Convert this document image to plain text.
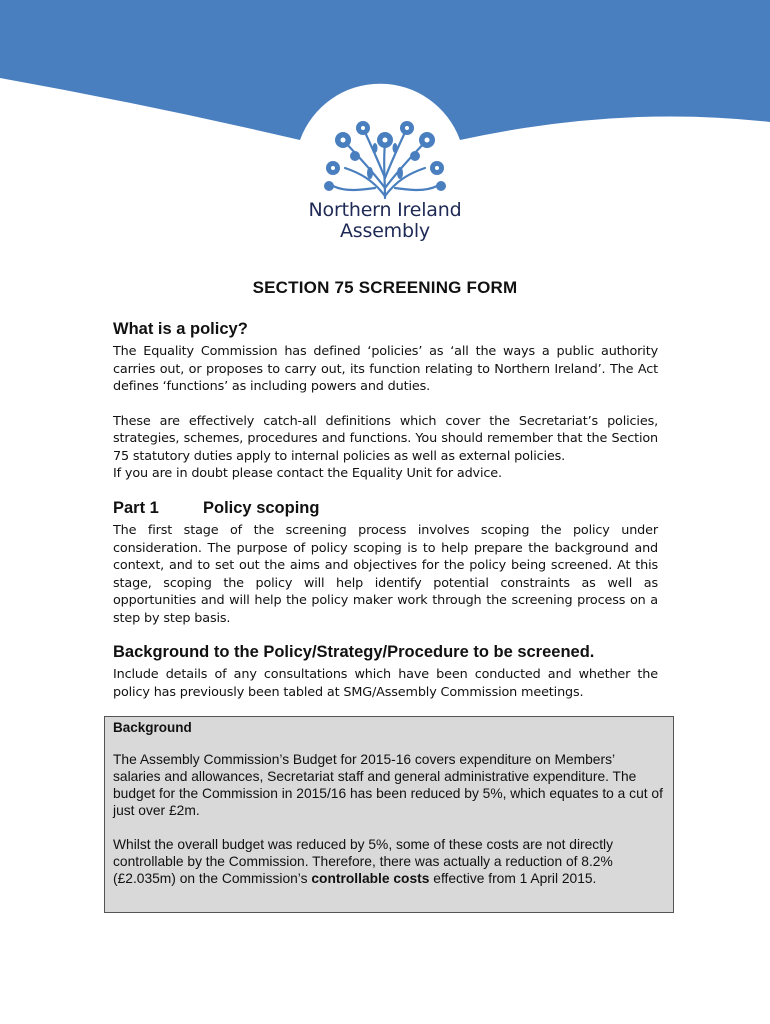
Northern Ireland
Assembly
SECTION 75 SCREENING FORM
What is a policy?

The Equality Commission has defined ‘policies’ as ‘all the ways a public authority carries out, or proposes to carry out, its function relating to Northern Ireland’. The Act defines ‘functions’ as including powers and duties.

These are effectively catch-all definitions which cover the Secretariat’s policies, strategies, schemes, procedures and functions. You should remember that the Section 75 statutory duties apply to internal policies as well as external policies.
If you are in doubt please contact the Equality Unit for advice.

Part 1	Policy scoping

The first stage of the screening process involves scoping the policy under consideration. The purpose of policy scoping is to help prepare the background and context, and to set out the aims and objectives for the policy being screened. At this stage, scoping the policy will help identify potential constraints as well as opportunities and will help the policy maker work through the screening process on a step by step basis.

Background to the Policy/Strategy/Procedure to be screened.

Include details of any consultations which have been conducted and whether the policy has previously been tabled at SMG/Assembly Commission meetings.

Background

The Assembly Commission’s Budget for 2015-16 covers expenditure on Members’ salaries and allowances, Secretariat staff and general administrative expenditure. The budget for the Commission in 2015/16 has been reduced by 5%, which equates to a cut of just over £2m.

Whilst the overall budget was reduced by 5%, some of these costs are not directly controllable by the Commission. Therefore, there was actually a reduction of 8.2% (£2.035m) on the Commission’s controllable costs effective from 1 April 2015.
